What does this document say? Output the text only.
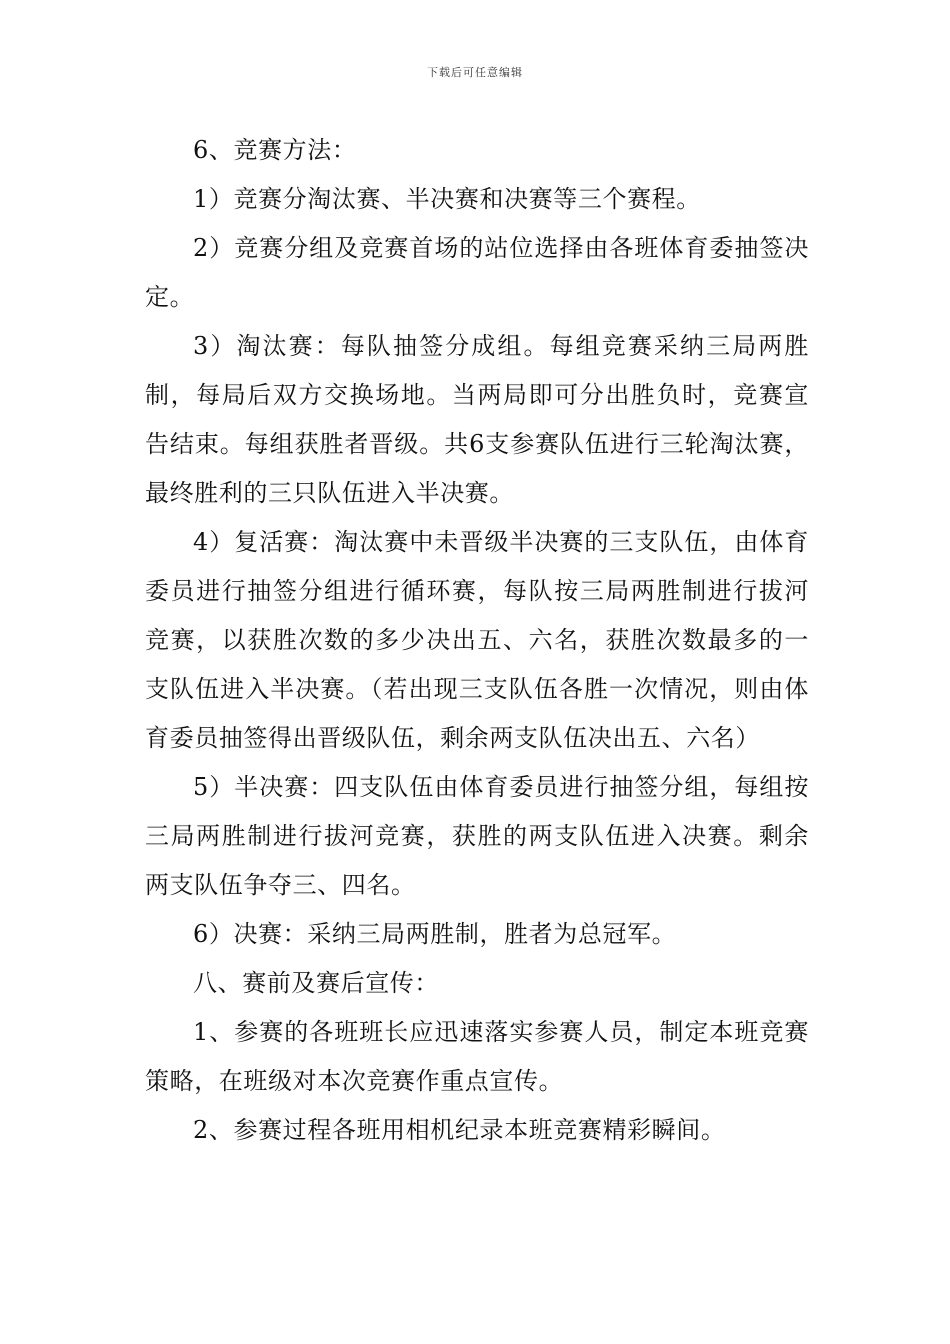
下载后可任意编辑

6、竞赛方法：

1）竞赛分淘汰赛、半决赛和决赛等三个赛程。

2）竞赛分组及竞赛首场的站位选择由各班体育委抽签决定。

3）淘汰赛：每队抽签分成组。每组竞赛采纳三局两胜制，每局后双方交换场地。当两局即可分出胜负时，竞赛宣告结束。每组获胜者晋级。共6支参赛队伍进行三轮淘汰赛，最终胜利的三只队伍进入半决赛。

4）复活赛：淘汰赛中未晋级半决赛的三支队伍，由体育委员进行抽签分组进行循环赛，每队按三局两胜制进行拔河竞赛，以获胜次数的多少决出五、六名，获胜次数最多的一支队伍进入半决赛。（若出现三支队伍各胜一次情况，则由体育委员抽签得出晋级队伍，剩余两支队伍决出五、六名）

5）半决赛：四支队伍由体育委员进行抽签分组，每组按三局两胜制进行拔河竞赛，获胜的两支队伍进入决赛。剩余两支队伍争夺三、四名。

6）决赛：采纳三局两胜制，胜者为总冠军。

八、赛前及赛后宣传：

1、参赛的各班班长应迅速落实参赛人员，制定本班竞赛策略，在班级对本次竞赛作重点宣传。

2、参赛过程各班用相机纪录本班竞赛精彩瞬间。
